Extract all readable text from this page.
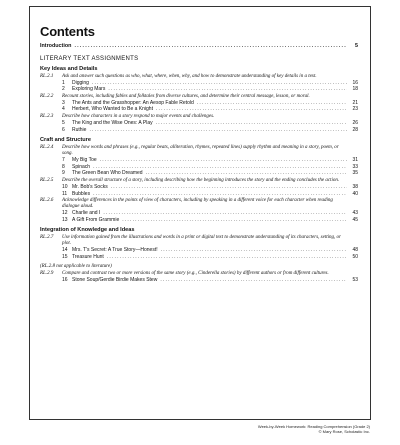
Contents
Introduction .....	5
LITERARY TEXT ASSIGNMENTS
Key Ideas and Details
RL.2.1	Ask and answer such questions as who, what, where, when, why, and how to demonstrate understanding of key details in a text.
1	Digging .....	16
2	Exploring Mars .....	18
RL.2.2	Recount stories, including fables and folktales from diverse cultures, and determine their central message, lesson, or moral.
3	The Ants and the Grasshopper: An Aesop Fable Retold .....	21
4	Herbert, Who Wanted to Be a Knight .....	23
RL.2.3	Describe how characters in a story respond to major events and challenges.
5	The King and the Wise Ones: A Play .....	26
6	Ruthie .....	28
Craft and Structure
RL.2.4	Describe how words and phrases (e.g., regular beats, alliteration, rhymes, repeated lines) supply rhythm and meaning in a story, poem, or song.
7	My Big Toe .....	31
8	Spinach .....	33
9	The Green Bean Who Dreamed .....	35
RL.2.5	Describe the overall structure of a story, including describing how the beginning introduces the story and the ending concludes the action.
10 Mr. Bob's Socks .....	38
11 Bubbles .....	40
RL.2.6	Acknowledge differences in the points of view of characters, including by speaking in a different voice for each character when reading dialogue aloud.
12 Charlie and I .....	43
13 A Gift From Grammie .....	45
Integration of Knowledge and Ideas
RL.2.7	Use information gained from the illustrations and words in a print or digital text to demonstrate understanding of its characters, setting, or plot.
14 Mrs. T's Secret: A True Story—Honest! .....	48
15 Treasure Hunt .....	50
(RL.2.8 not applicable to literature)
RL.2.9	Compare and contrast two or more versions of the same story (e.g., Cinderella stories) by different authors or from different cultures.
16 Stone Soup/Gerdie Birdie Makes Stew .....	53
Week-by-Week Homework: Reading Comprehension (Grade 2)
© Mary Rose, Scholastic Inc.
